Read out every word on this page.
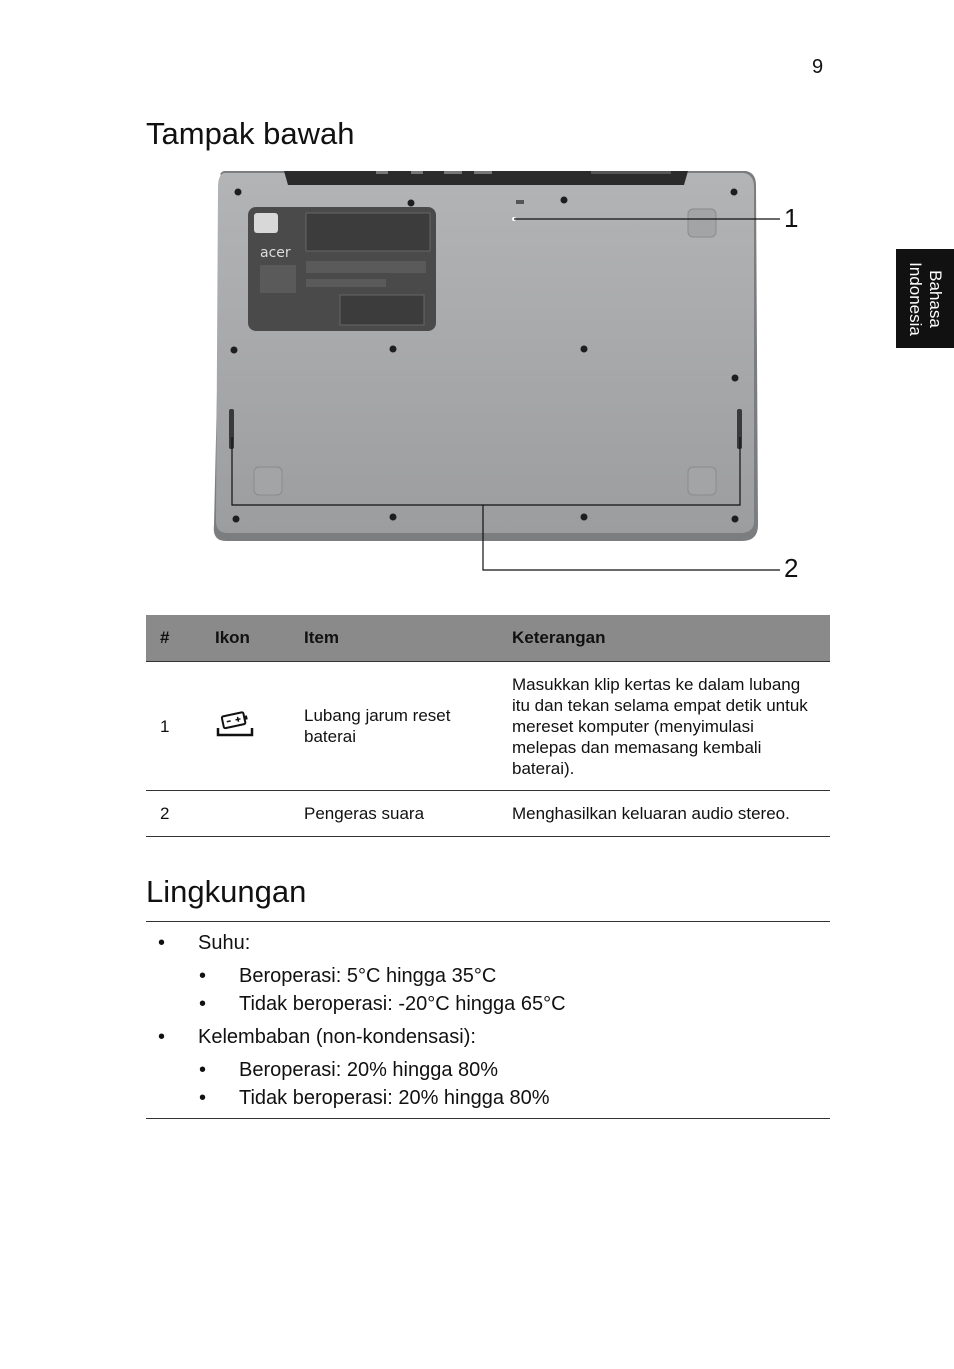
9
Bahasa
Indonesia
Tampak bawah
acer
1
2
#	Ikon	Item	Keterangan
1		Lubang jarum reset baterai	Masukkan klip kertas ke dalam lubang itu dan tekan selama empat detik untuk mereset komputer (menyimulasi melepas dan memasang kembali baterai).
2		Pengeras suara	Menghasilkan keluaran audio stereo.
Lingkungan
• Suhu:
• Beroperasi: 5°C hingga 35°C
• Tidak beroperasi: -20°C hingga 65°C
• Kelembaban (non-kondensasi):
• Beroperasi: 20% hingga 80%
• Tidak beroperasi: 20% hingga 80%
